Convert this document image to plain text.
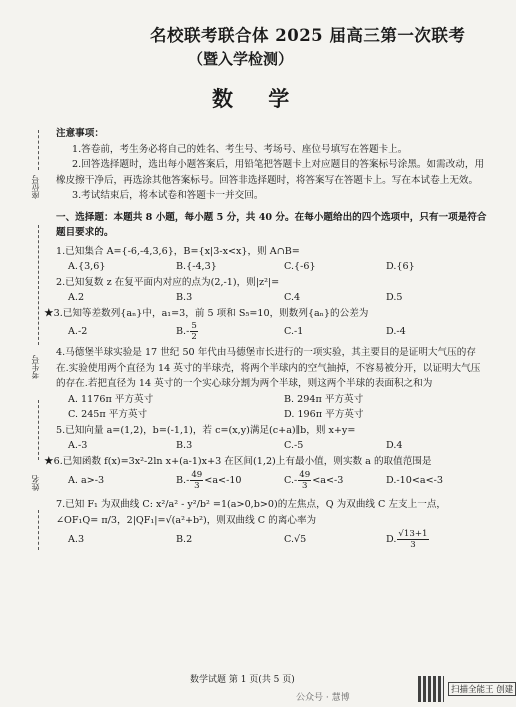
座位号
考生号
姓名
名校联考联合体 2025 届高三第一次联考
（暨入学检测）
数 学

注意事项：

1.答卷前，考生务必将自己的姓名、考生号、考场号、座位号填写在答题卡上。

2.回答选择题时，选出每小题答案后，用铅笔把答题卡上对应题目的答案标号涂黑。如需改动，用橡皮擦干净后，再选涂其他答案标号。回答非选择题时，将答案写在答题卡上。写在本试卷上无效。

3.考试结束后，将本试卷和答题卡一并交回。

一、选择题：本题共 8 小题，每小题 5 分，共 40 分。在每小题给出的四个选项中，只有一项是符合题目要求的。

1.已知集合 A={-6,-4,3,6}，B={x|3-x<x}，则 A∩B=

A.{3,6}	B.{-4,3}	C.{-6}	D.{6}

2.已知复数 z 在复平面内对应的点为(2,-1)，则|z²|=

A.2	B.3	C.4	D.5

★3.已知等差数列{aₙ}中，a₁=3，前 5 项和 S₅=10，则数列{aₙ}的公差为

A.-2	$B.- \frac{5}{2}$	C.-1	D.-4

4.马德堡半球实验是 17 世纪 50 年代由马德堡市长进行的一项实验，其主要目的是证明大气压的存在.实验使用两个直径为 14 英寸的半球壳，将两个半球内的空气抽掉，不容易被分开，以证明大气压的存在.若把直径为 14 英寸的一个实心球分割为两个半球，则这两个半球的表面积之和为

A. 1176π 平方英寸	B. 294π 平方英寸
C. 245π 平方英寸	D. 196π 平方英寸

5.已知向量 a=(1,2)，b=(-1,1)，若 c=(x,y)满足(c+a)∥b，则 x+y=

A.-3	B.3	C.-5	D.4

★6.已知函数 f(x)=3x²-2ln x+(a-1)x+3 在区间(1,2)上有最小值，则实数 a 的取值范围是

A. a>-3	$B.- \frac{49}{3} <a<-10$	$C.- \frac{49}{3} <a<-3$	D.-10<a<-3

7.已知 F₁ 为双曲线 C: x²/a² - y²/b² =1(a>0,b>0)的左焦点，Q 为双曲线 C 左支上一点，∠OF₁Q= π/3，2|QF₁|=√(a²+b²)，则双曲线 C 的离心率为

A.3	B.2	C.√5	D. $\frac{√13+1}{3}$
数学试题 第 1 页(共 5 页)
公众号 · 慧博
扫描全能王 创建
